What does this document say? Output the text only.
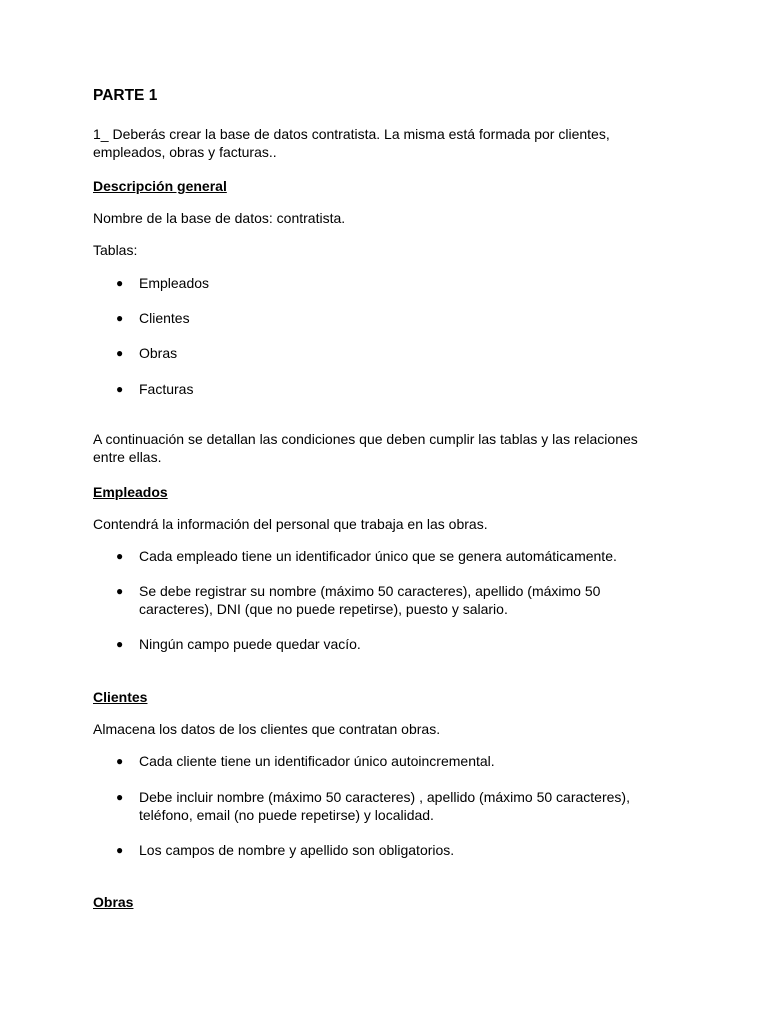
PARTE 1
1_ Deberás crear la base de datos contratista. La misma está formada por clientes,
empleados, obras y facturas..
Descripción general
Nombre de la base de datos: contratista.
Tablas:
● Empleados
● Clientes
● Obras
● Facturas
A continuación se detallan las condiciones que deben cumplir las tablas y las relaciones
entre ellas.
Empleados
Contendrá la información del personal que trabaja en las obras.
● Cada empleado tiene un identificador único que se genera automáticamente.
● Se debe registrar su nombre (máximo 50 caracteres), apellido (máximo 50
caracteres), DNI (que no puede repetirse), puesto y salario.
● Ningún campo puede quedar vacío.
Clientes
Almacena los datos de los clientes que contratan obras.
● Cada cliente tiene un identificador único autoincremental.
● Debe incluir nombre (máximo 50 caracteres) , apellido (máximo 50 caracteres),
teléfono, email (no puede repetirse) y localidad.
● Los campos de nombre y apellido son obligatorios.
Obras
